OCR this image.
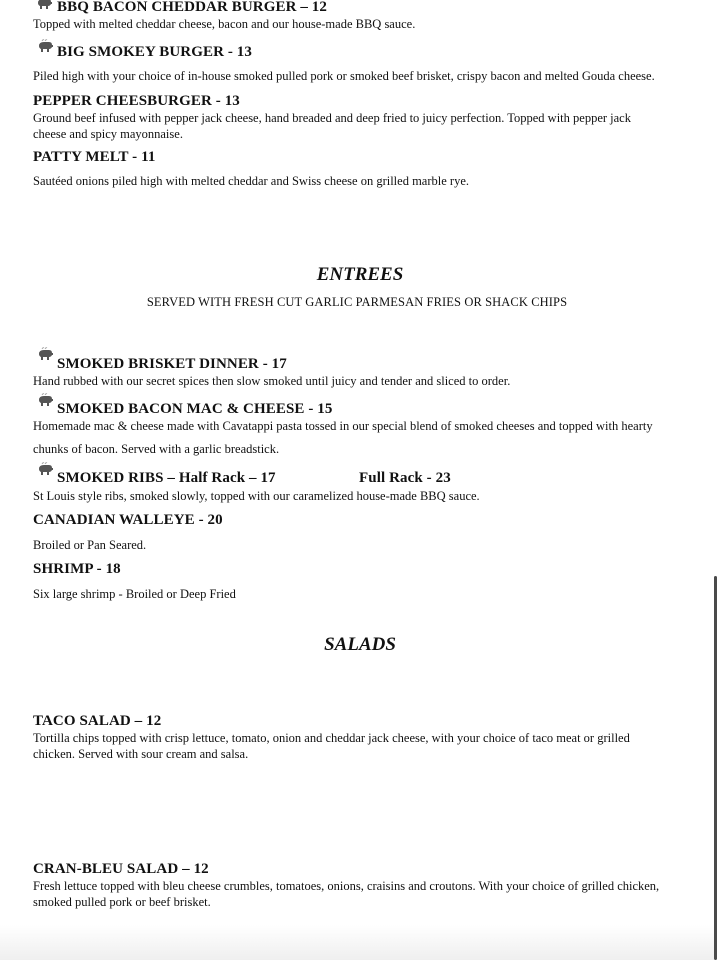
BBQ BACON CHEDDAR BURGER – 12
Topped with melted cheddar cheese, bacon and our house-made BBQ sauce.
BIG SMOKEY BURGER - 13
Piled high with your choice of in-house smoked pulled pork or smoked beef brisket, crispy bacon and melted Gouda cheese.
PEPPER CHEESBURGER - 13
Ground beef infused with pepper jack cheese, hand breaded and deep fried to juicy perfection. Topped with pepper jack
cheese and spicy mayonnaise.
PATTY MELT - 11
Sautéed onions piled high with melted cheddar and Swiss cheese on grilled marble rye.
ENTREES
SERVED WITH FRESH CUT GARLIC PARMESAN FRIES OR SHACK CHIPS
SMOKED BRISKET DINNER - 17
Hand rubbed with our secret spices then slow smoked until juicy and tender and sliced to order.
SMOKED BACON MAC & CHEESE - 15
Homemade mac & cheese made with Cavatappi pasta tossed in our special blend of smoked cheeses and topped with hearty
chunks of bacon. Served with a garlic breadstick.
SMOKED RIBS – Half Rack – 17	Full Rack - 23
St Louis style ribs, smoked slowly, topped with our caramelized house-made BBQ sauce.
CANADIAN WALLEYE - 20
Broiled or Pan Seared.
SHRIMP - 18
Six large shrimp - Broiled or Deep Fried
SALADS
TACO SALAD – 12
Tortilla chips topped with crisp lettuce, tomato, onion and cheddar jack cheese, with your choice of taco meat or grilled
chicken. Served with sour cream and salsa.
CRAN-BLEU SALAD – 12
Fresh lettuce topped with bleu cheese crumbles, tomatoes, onions, craisins and croutons. With your choice of grilled chicken,
smoked pulled pork or beef brisket.
